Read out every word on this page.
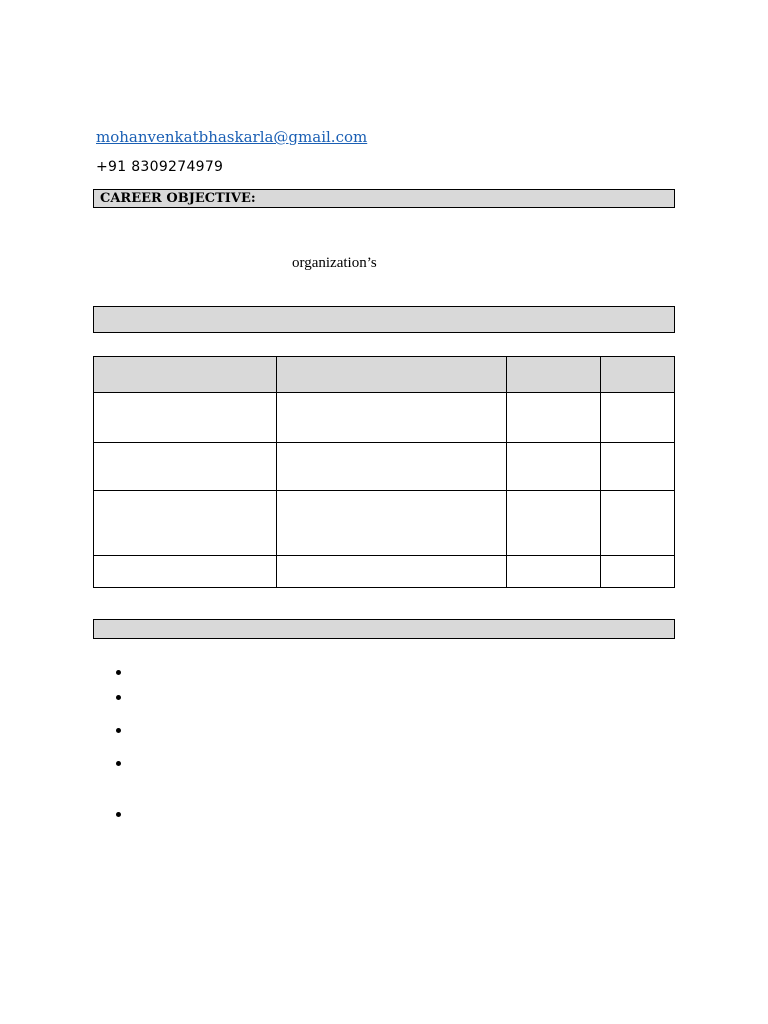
mohanvenkatbhaskarla@gmail.com
+91 8309274979
CAREER OBJECTIVE:
organization’s
